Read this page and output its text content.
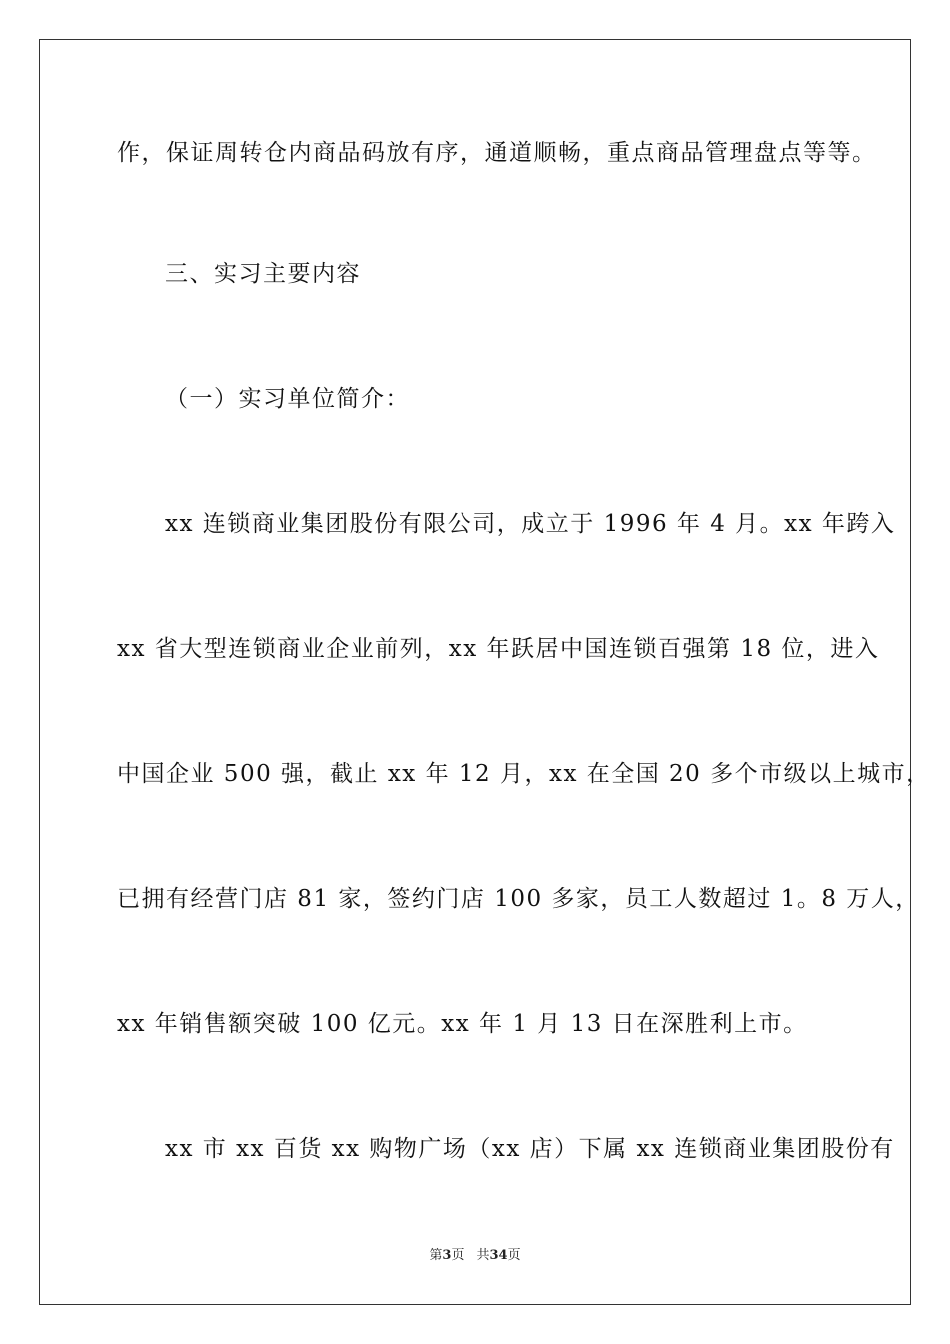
作，保证周转仓内商品码放有序，通道顺畅，重点商品管理盘点等等。
三、实习主要内容
（一）实习单位简介：
xx 连锁商业集团股份有限公司，成立于 1996 年 4 月。xx 年跨入
xx 省大型连锁商业企业前列，xx 年跃居中国连锁百强第 18 位，进入
中国企业 500 强，截止 xx 年 12 月，xx 在全国 20 多个市级以上城市，
已拥有经营门店 81 家，签约门店 100 多家，员工人数超过 1。8 万人，
xx 年销售额突破 100 亿元。xx 年 1 月 13 日在深胜利上市。
xx 市 xx 百货 xx 购物广场（xx 店）下属 xx 连锁商业集团股份有
第3页 共34页
